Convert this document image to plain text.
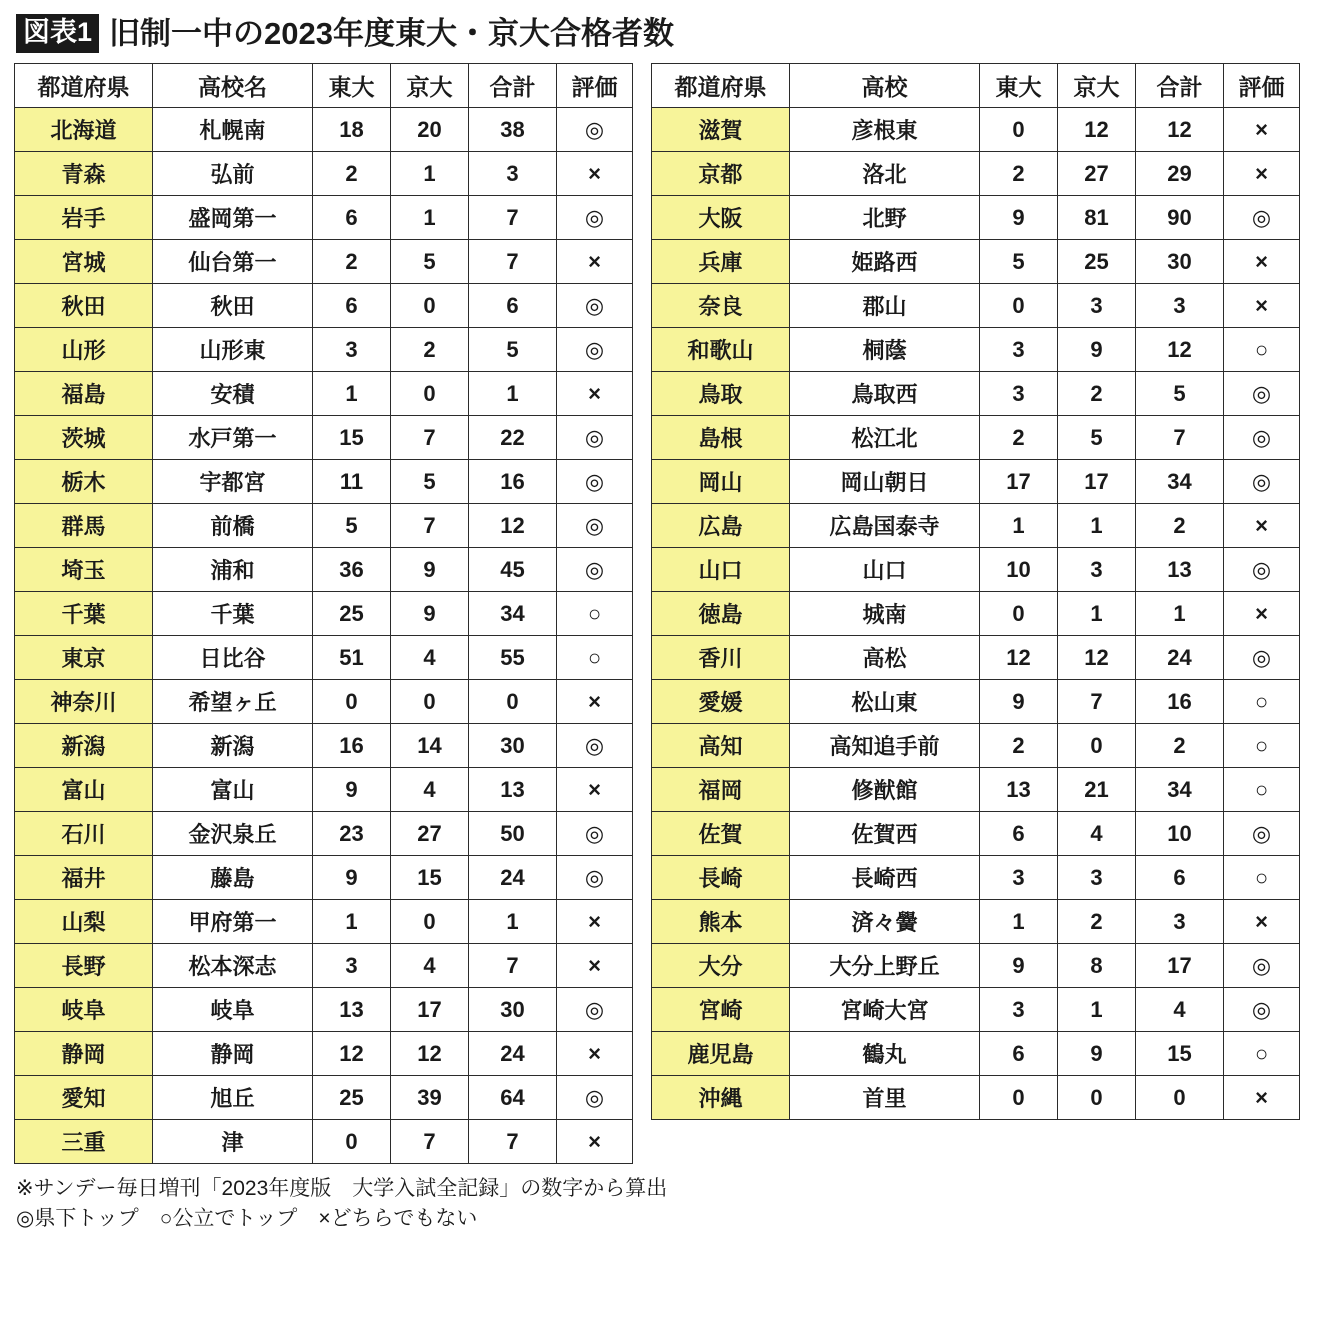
図表1 旧制一中の2023年度東大・京大合格者数
都道府県	高校名	東大	京大	合計	評価
北海道	札幌南	18	20	38	◎
青森	弘前	2	1	3	×
岩手	盛岡第一	6	1	7	◎
宮城	仙台第一	2	5	7	×
秋田	秋田	6	0	6	◎
山形	山形東	3	2	5	◎
福島	安積	1	0	1	×
茨城	水戸第一	15	7	22	◎
栃木	宇都宮	11	5	16	◎
群馬	前橋	5	7	12	◎
埼玉	浦和	36	9	45	◎
千葉	千葉	25	9	34	○
東京	日比谷	51	4	55	○
神奈川	希望ヶ丘	0	0	0	×
新潟	新潟	16	14	30	◎
富山	富山	9	4	13	×
石川	金沢泉丘	23	27	50	◎
福井	藤島	9	15	24	◎
山梨	甲府第一	1	0	1	×
長野	松本深志	3	4	7	×
岐阜	岐阜	13	17	30	◎
静岡	静岡	12	12	24	×
愛知	旭丘	25	39	64	◎
三重	津	0	7	7	×
都道府県	高校	東大	京大	合計	評価
滋賀	彦根東	0	12	12	×
京都	洛北	2	27	29	×
大阪	北野	9	81	90	◎
兵庫	姫路西	5	25	30	×
奈良	郡山	0	3	3	×
和歌山	桐蔭	3	9	12	○
鳥取	鳥取西	3	2	5	◎
島根	松江北	2	5	7	◎
岡山	岡山朝日	17	17	34	◎
広島	広島国泰寺	1	1	2	×
山口	山口	10	3	13	◎
徳島	城南	0	1	1	×
香川	高松	12	12	24	◎
愛媛	松山東	9	7	16	○
高知	高知追手前	2	0	2	○
福岡	修猷館	13	21	34	○
佐賀	佐賀西	6	4	10	◎
長崎	長崎西	3	3	6	○
熊本	済々黌	1	2	3	×
大分	大分上野丘	9	8	17	◎
宮崎	宮崎大宮	3	1	4	◎
鹿児島	鶴丸	6	9	15	○
沖縄	首里	0	0	0	×
※サンデー毎日増刊「2023年度版　大学入試全記録」の数字から算出
◎県下トップ　○公立でトップ　×どちらでもない
